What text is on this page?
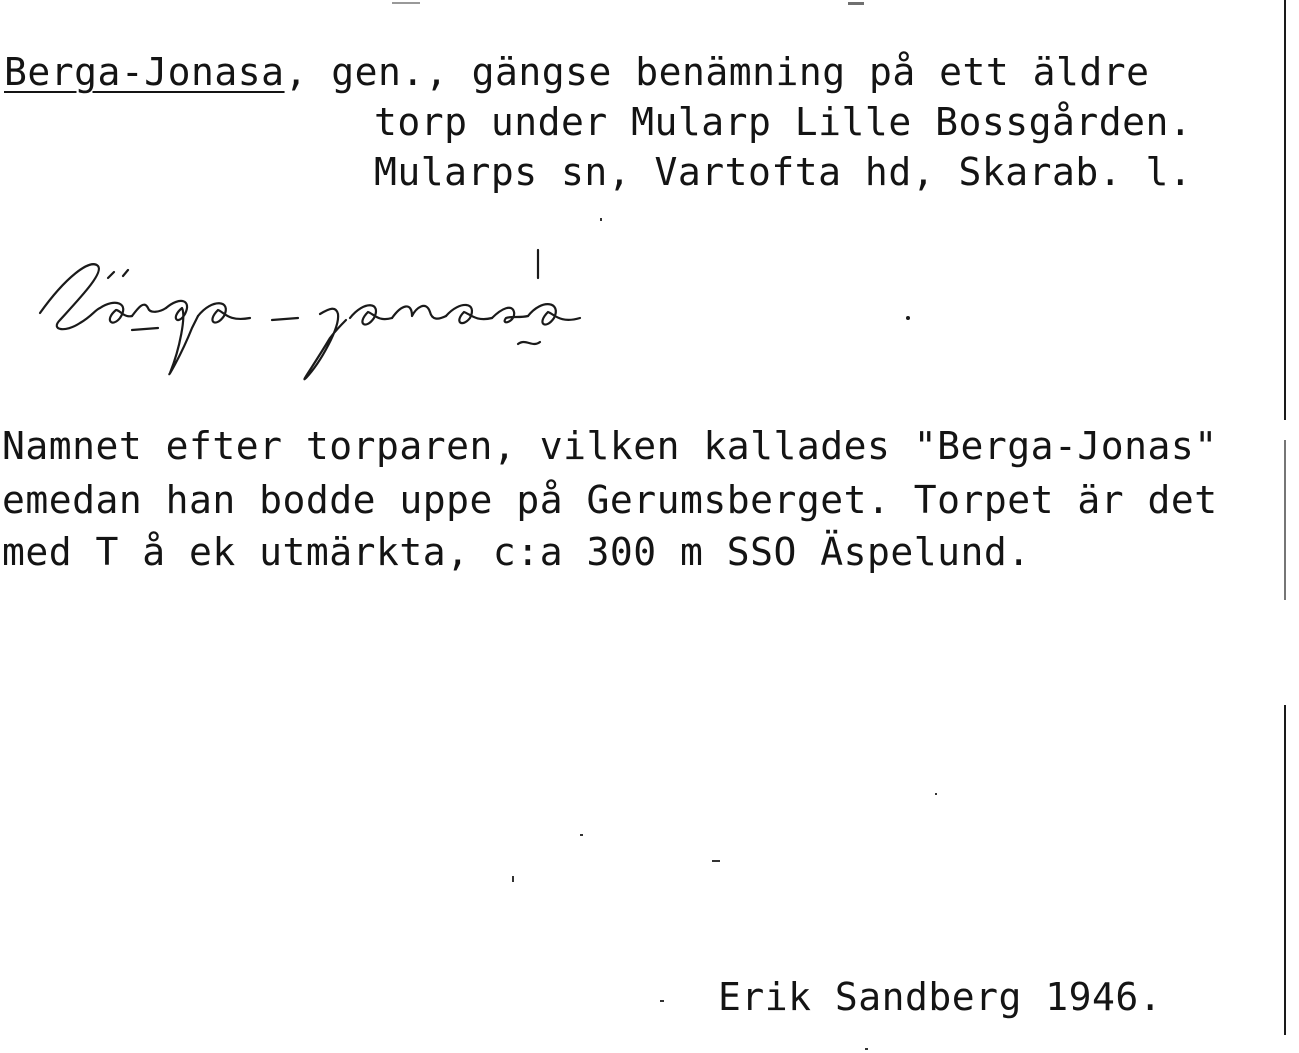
Berga-Jonasa, gen., gängse benämning på ett äldre
torp under Mularp Lille Bossgården.
Mularps sn, Vartofta hd, Skarab. l.
Namnet efter torparen, vilken kallades "Berga-Jonas"
emedan han bodde uppe på Gerumsberget. Torpet är det
med T å ek utmärkta, c:a 300 m SSO Äspelund.
Erik Sandberg 1946.
